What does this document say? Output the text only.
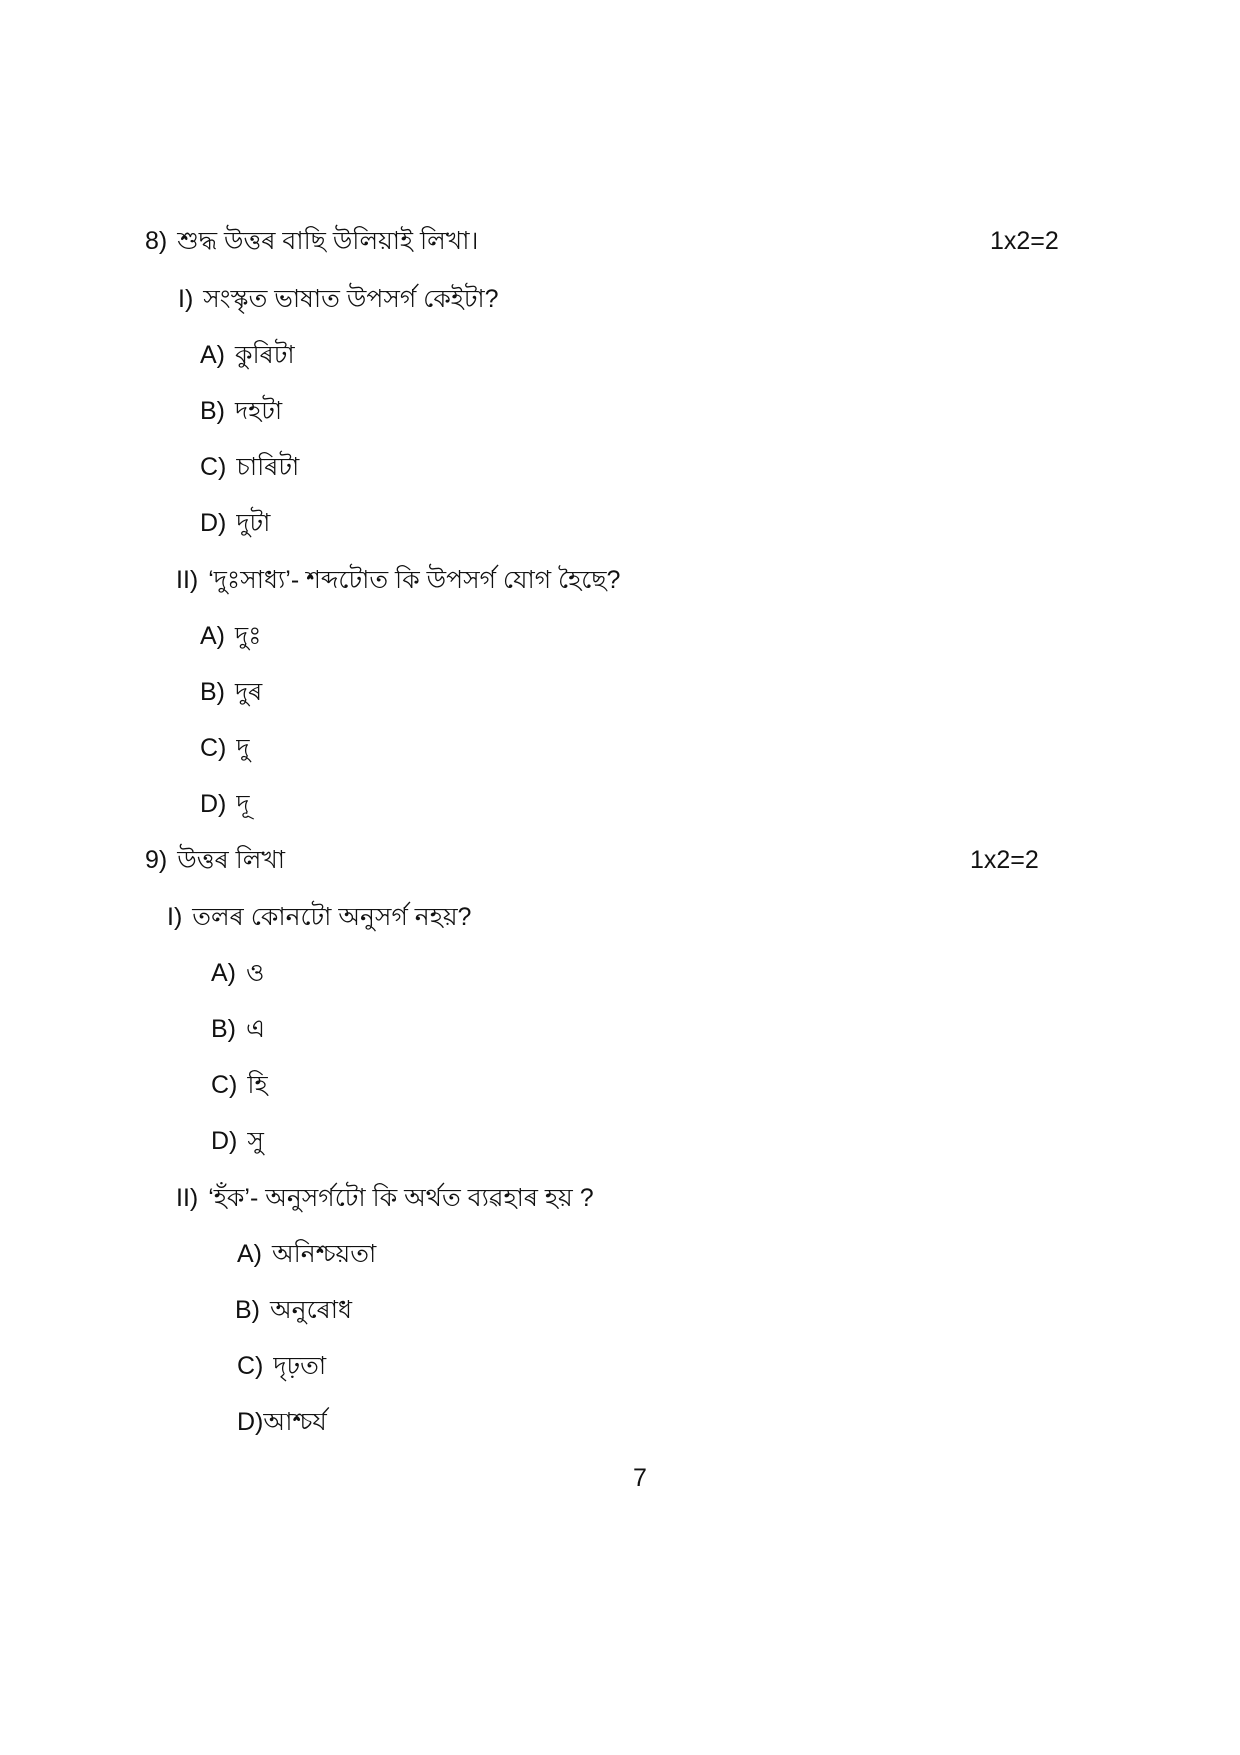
8) শুদ্ধ উত্তৰ বাছি উলিয়াই লিখা।	1x2=2
I) সংস্কৃত ভাষাত উপসৰ্গ কেইটা?
A) কুৰিটা
B) দহটা
C) চাৰিটা
D) দুটা
II) ‘দুঃসাধ্য’- শব্দটোত কি উপসৰ্গ যোগ হৈছে?
A) দুঃ
B) দুৰ
C) দু
D) দূ
9) উত্তৰ লিখা	1x2=2
I) তলৰ কোনটো অনুসৰ্গ নহয়?
A) ও
B) এ
C) হি
D) সু
II) ‘হঁক’- অনুসৰ্গটো কি অৰ্থত ব্যৱহাৰ হয় ?
A) অনিশ্চয়তা
B) অনুৰোধ
C) দৃঢ়তা
D)আশ্চৰ্য
7
